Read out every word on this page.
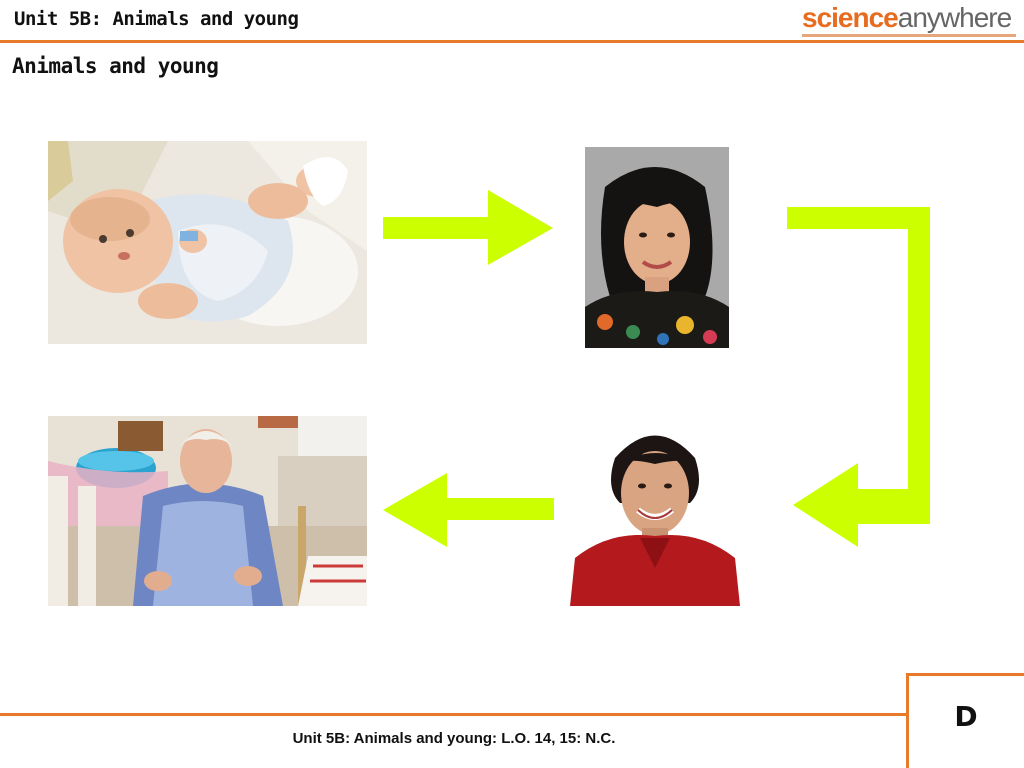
Unit 5B: Animals and young	scienceanywhere
Animals and young
D
Unit 5B: Animals and young: L.O. 14, 15: N.C.
